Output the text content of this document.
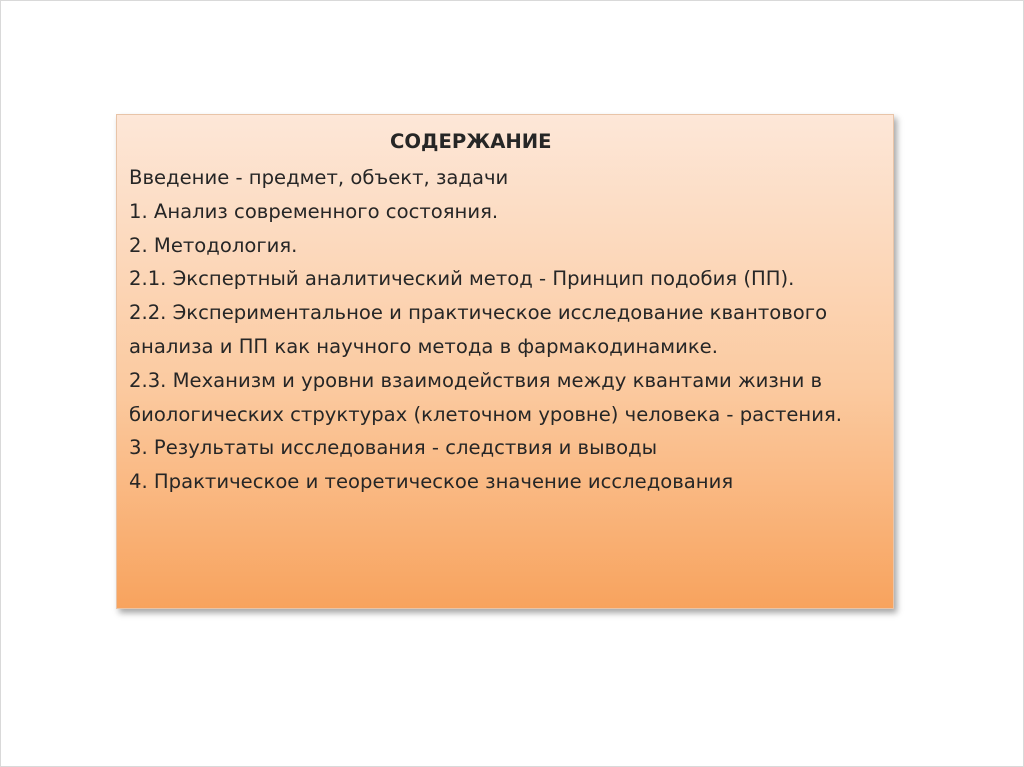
СОДЕРЖАНИЕ
Введение - предмет, объект, задачи
1. Анализ современного состояния.
2. Методология.
2.1. Экспертный аналитический метод - Принцип подобия (ПП).
2.2. Экспериментальное и практическое исследование квантового анализа и ПП как научного метода в фармакодинамике.
2.3. Механизм и уровни взаимодействия между квантами жизни в биологических структурах (клеточном уровне) человека - растения.
3. Результаты исследования - следствия и выводы
4. Практическое и теоретическое значение исследования
